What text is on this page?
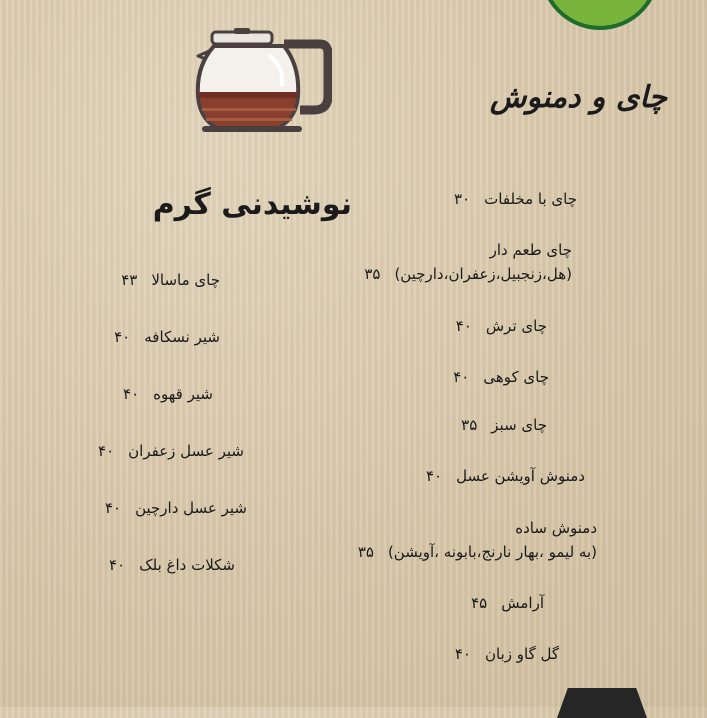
چای و دمنوش
نوشیدنی گرم	چای با مخلفات۳۰
چای طعم دار
(هل،زنجبیل،زعفران،دارچین)۳۵
چای ترش۴۰
چای کوهی۴۰
چای سبز۳۵
دمنوش آویشن عسل۴۰
دمنوش ساده
(به لیمو ،بهار نارنج،بابونه ،آویشن)۳۵
آرامش۴۵
گل گاو زبان۴۰
چای ماسالا۴۳
شیر نسکافه۴۰
شیر قهوه۴۰
شیر عسل زعفران۴۰
شیر عسل دارچین۴۰
شکلات داغ بلک۴۰
